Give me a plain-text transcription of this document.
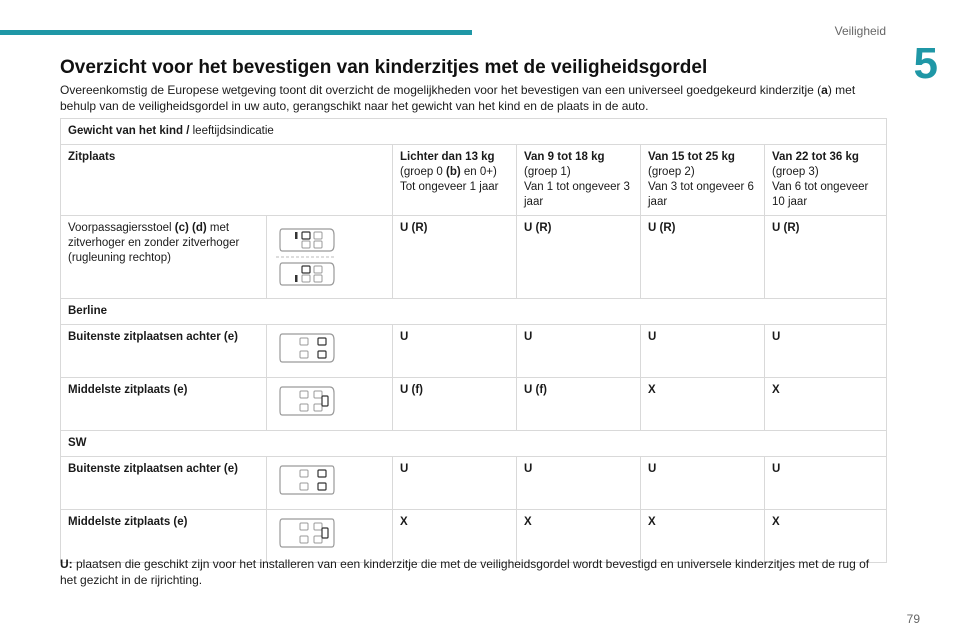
Veiligheid
5
Overzicht voor het bevestigen van kinderzitjes met de veiligheidsgordel

Overeenkomstig de Europese wetgeving toont dit overzicht de mogelijkheden voor het bevestigen van een universeel goedgekeurd kinderzitje (a) met behulp van de veiligheidsgordel in uw auto, gerangschikt naar het gewicht van het kind en de plaats in de auto.

Gewicht van het kind / leeftijdsindicatie					
Zitplaats		Lichter dan 13 kg
(groep 0 (b) en 0+)
Tot ongeveer 1 jaar	Van 9 tot 18 kg
(groep 1)
Van 1 tot ongeveer 3 jaar	Van 15 tot 25 kg
(groep 2)
Van 3 tot ongeveer 6 jaar	Van 22 tot 36 kg
(groep 3)
Van 6 tot ongeveer 10 jaar
Voorpassagiersstoel (c) (d) met zitverhoger en zonder zitverhoger (rugleuning rechtop)		U (R)	U (R)	U (R)	U (R)
Berline					
Buitenste zitplaatsen achter (e)		U	U	U	U
Middelste zitplaats (e)		U (f)	U (f)	X	X
SW					
Buitenste zitplaatsen achter (e)		U	U	U	U
Middelste zitplaats (e)		X	X	X	X

U: plaatsen die geschikt zijn voor het installeren van een kinderzitje die met de veiligheidsgordel wordt bevestigd en universele kinderzitjes met de rug of het gezicht in de rijrichting.

79
